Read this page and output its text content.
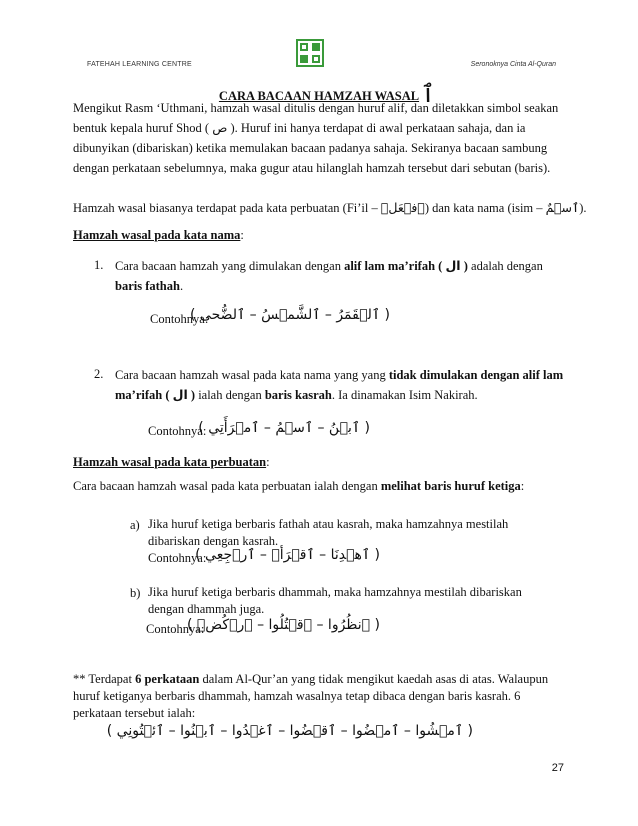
FATEHAH LEARNING CENTRE	Seronoknya Cinta Al-Quran
CARA BACAAN HAMZAH WASAL ٱ
Mengikut Rasm ‘Uthmani, hamzah wasal ditulis dengan huruf alif, dan diletakkan simbol seakan
bentuk kepala huruf Shod ( ص ). Huruf ini hanya terdapat di awal perkataan sahaja, dan ia
dibunyikan (dibariskan) ketika memulakan bacaan padanya sahaja. Sekiranya bacaan sambung
dengan perkataan sebelumnya, maka gugur atau hilanglah hamzah tersebut dari sebutan (baris).
Hamzah wasal biasanya terdapat pada kata perbuatan (Fi’il – ٱفۡعَلۡ) dan kata nama (isim – ٱسۡمٌ).
Hamzah wasal pada kata nama:
1. Cara bacaan hamzah yang dimulakan dengan alif lam ma’rifah ( ال ) adalah dengan
baris fathah.
Contohnya:
( ٱلۡقَمَرُ – ٱلشَّمۡسُ – ٱلضُّحى )
2. Cara bacaan hamzah wasal pada kata nama yang yang tidak dimulakan dengan alif lam
ma’rifah ( ال ) ialah dengan baris kasrah. Ia dinamakan Isim Nakirah.
Contohnya:
( ٱبۡنُ – ٱسۡمُ – ٱمۡرَأَتِي )
Hamzah wasal pada kata perbuatan:
Cara bacaan hamzah wasal pada kata perbuatan ialah dengan melihat baris huruf ketiga:
a) Jika huruf ketiga berbaris fathah atau kasrah, maka hamzahnya mestilah
dibariskan dengan kasrah.
Contohnya:
( ٱهۡدِنَا – ٱقۡرَأۡ – ٱرۡجِعِي )
b) Jika huruf ketiga berbaris dhammah, maka hamzahnya mestilah dibariskan
dengan dhammah juga.
Contohnya:
( ٱنظُرُوا – ٱقۡتُلُوا – ٱرۡكُضۡ )
** Terdapat 6 perkataan dalam Al-Qur’an yang tidak mengikut kaedah asas di atas. Walaupun
huruf ketiganya berbaris dhammah, hamzah wasalnya tetap dibaca dengan baris kasrah. 6
perkataan tersebut ialah:
( ٱمۡشُوا – ٱمۡضُوا – ٱقۡضُوا – ٱغۡدُوا – ٱبۡنُوا – ٱئۡتُونِي )
27
